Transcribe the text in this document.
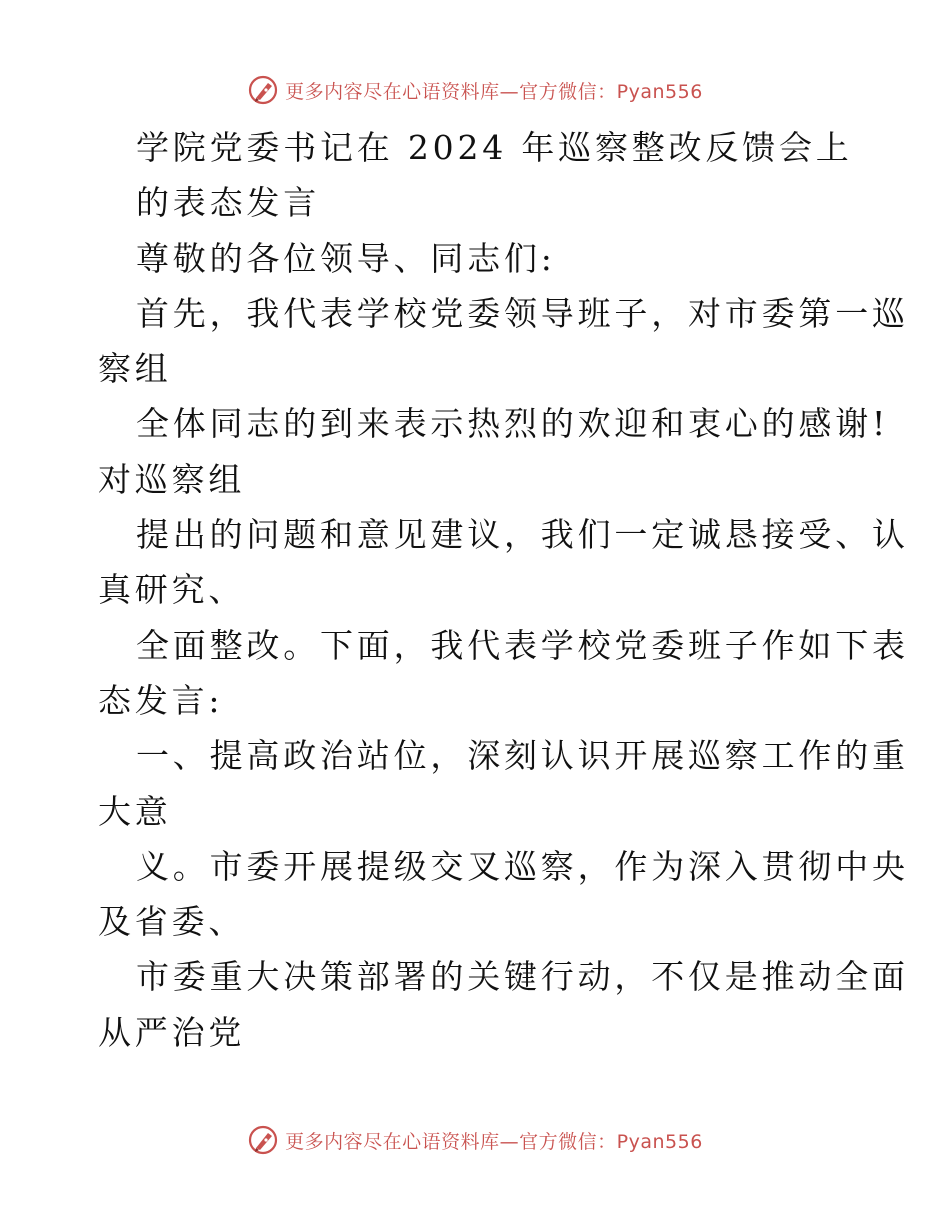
更多内容尽在心语资料库—官方微信：Pyan556
学院党委书记在 2024 年巡察整改反馈会上
的表态发言
尊敬的各位领导、同志们:
首先，我代表学校党委领导班子，对市委第一巡
察组
全体同志的到来表示热烈的欢迎和衷心的感谢!
对巡察组
提出的问题和意见建议，我们一定诚恳接受、认
真研究、
全面整改。下面，我代表学校党委班子作如下表
态发言:
一、提高政治站位，深刻认识开展巡察工作的重
大意
义。市委开展提级交叉巡察，作为深入贯彻中央
及省委、
市委重大决策部署的关键行动，不仅是推动全面
从严治党
更多内容尽在心语资料库—官方微信：Pyan556
